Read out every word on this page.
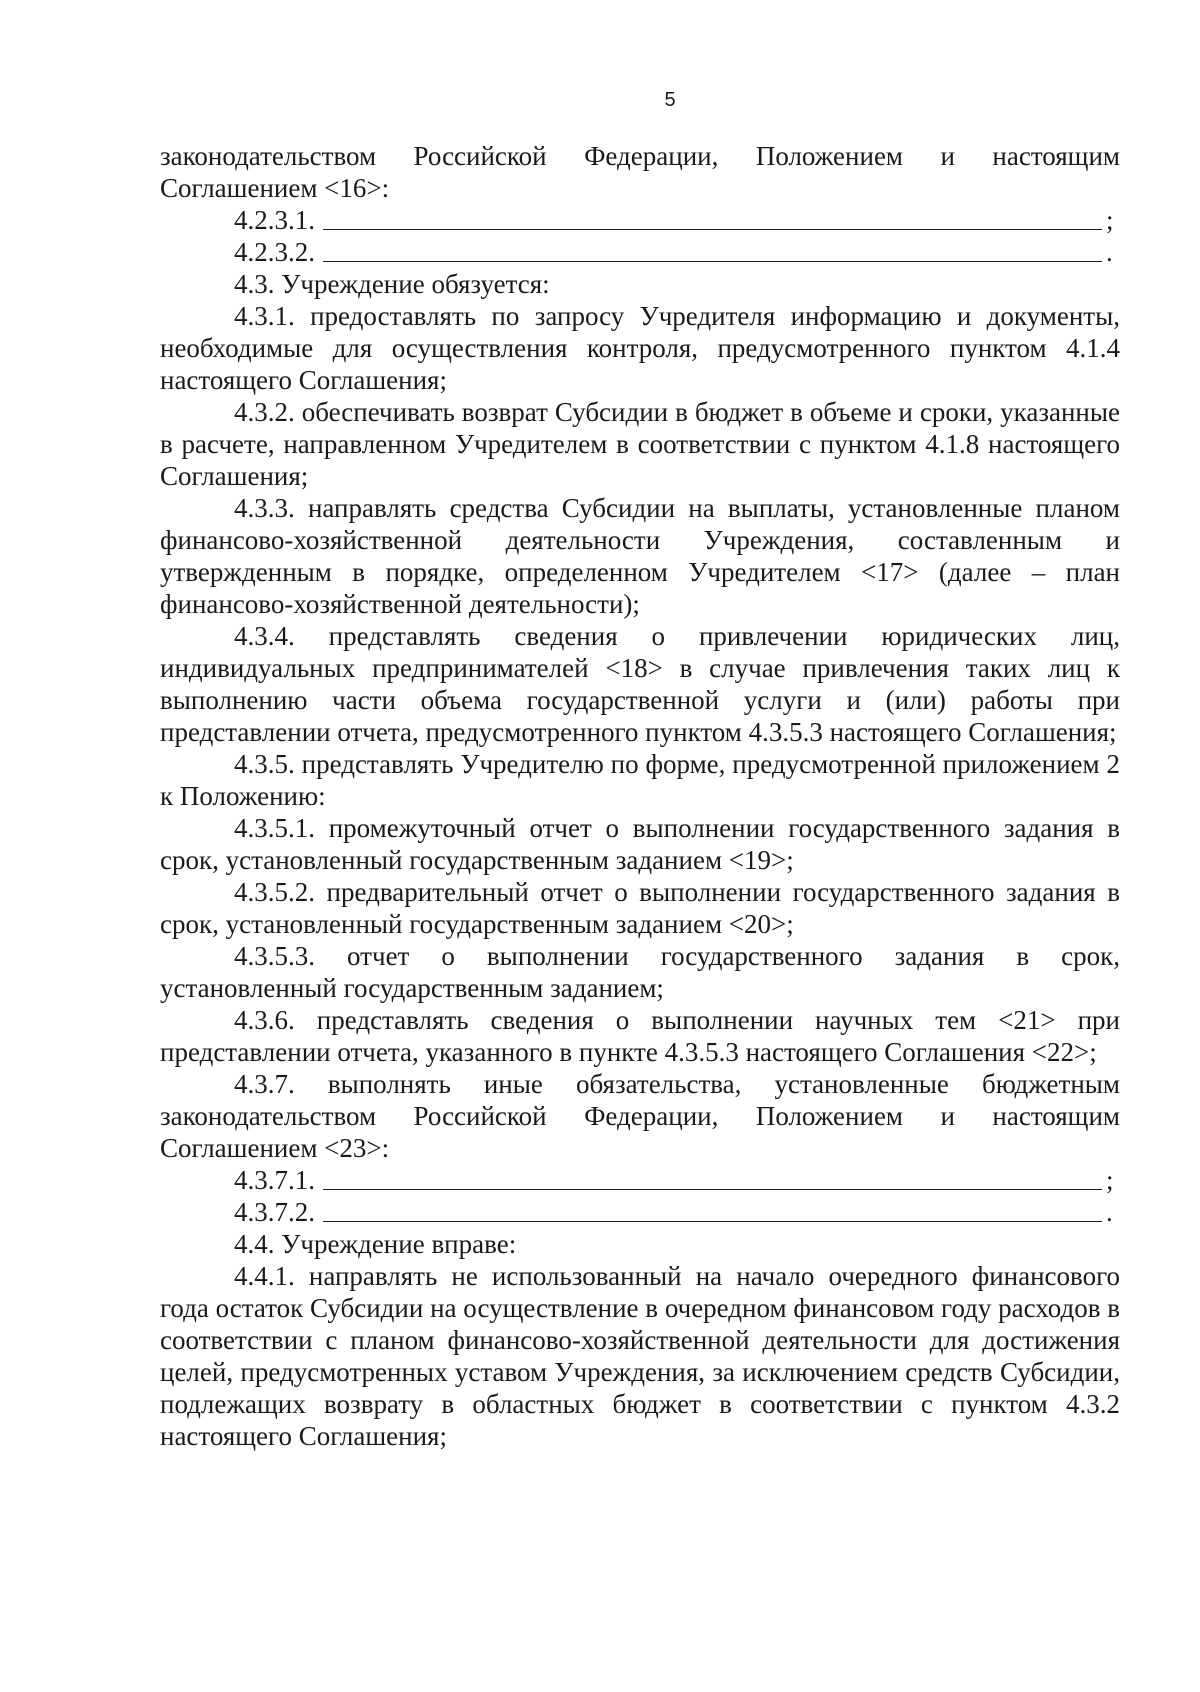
5

законодательством Российской Федерации, Положением и настоящим Соглашением <16>:

4.2.3.1.	;
4.2.3.2.	.

4.3. Учреждение обязуется:

4.3.1. предоставлять по запросу Учредителя информацию и документы, необходимые для осуществления контроля, предусмотренного пунктом 4.1.4 настоящего Соглашения;

4.3.2. обеспечивать возврат Субсидии в бюджет в объеме и сроки, указанные в расчете, направленном Учредителем в соответствии с пунктом 4.1.8 настоящего Соглашения;

4.3.3. направлять средства Субсидии на выплаты, установленные планом финансово-хозяйственной деятельности Учреждения, составленным и утвержденным в порядке, определенном Учредителем <17> (далее – план финансово-хозяйственной деятельности);

4.3.4. представлять сведения о привлечении юридических лиц, индивидуальных предпринимателей <18> в случае привлечения таких лиц к выполнению части объема государственной услуги и (или) работы при представлении отчета, предусмотренного пунктом 4.3.5.3 настоящего Соглашения;

4.3.5. представлять Учредителю по форме, предусмотренной приложением 2 к Положению:

4.3.5.1. промежуточный отчет о выполнении государственного задания в срок, установленный государственным заданием <19>;

4.3.5.2. предварительный отчет о выполнении государственного задания в срок, установленный государственным заданием <20>;

4.3.5.3. отчет о выполнении государственного задания в срок, установленный государственным заданием;

4.3.6. представлять сведения о выполнении научных тем <21> при представлении отчета, указанного в пункте 4.3.5.3 настоящего Соглашения <22>;

4.3.7. выполнять иные обязательства, установленные бюджетным законодательством Российской Федерации, Положением и настоящим Соглашением <23>:

4.3.7.1.	;
4.3.7.2.	.

4.4. Учреждение вправе:

4.4.1. направлять не использованный на начало очередного финансового года остаток Субсидии на осуществление в очередном финансовом году расходов в соответствии с планом финансово-хозяйственной деятельности для достижения целей, предусмотренных уставом Учреждения, за исключением средств Субсидии, подлежащих возврату в областных бюджет в соответствии с пунктом 4.3.2 настоящего Соглашения;
